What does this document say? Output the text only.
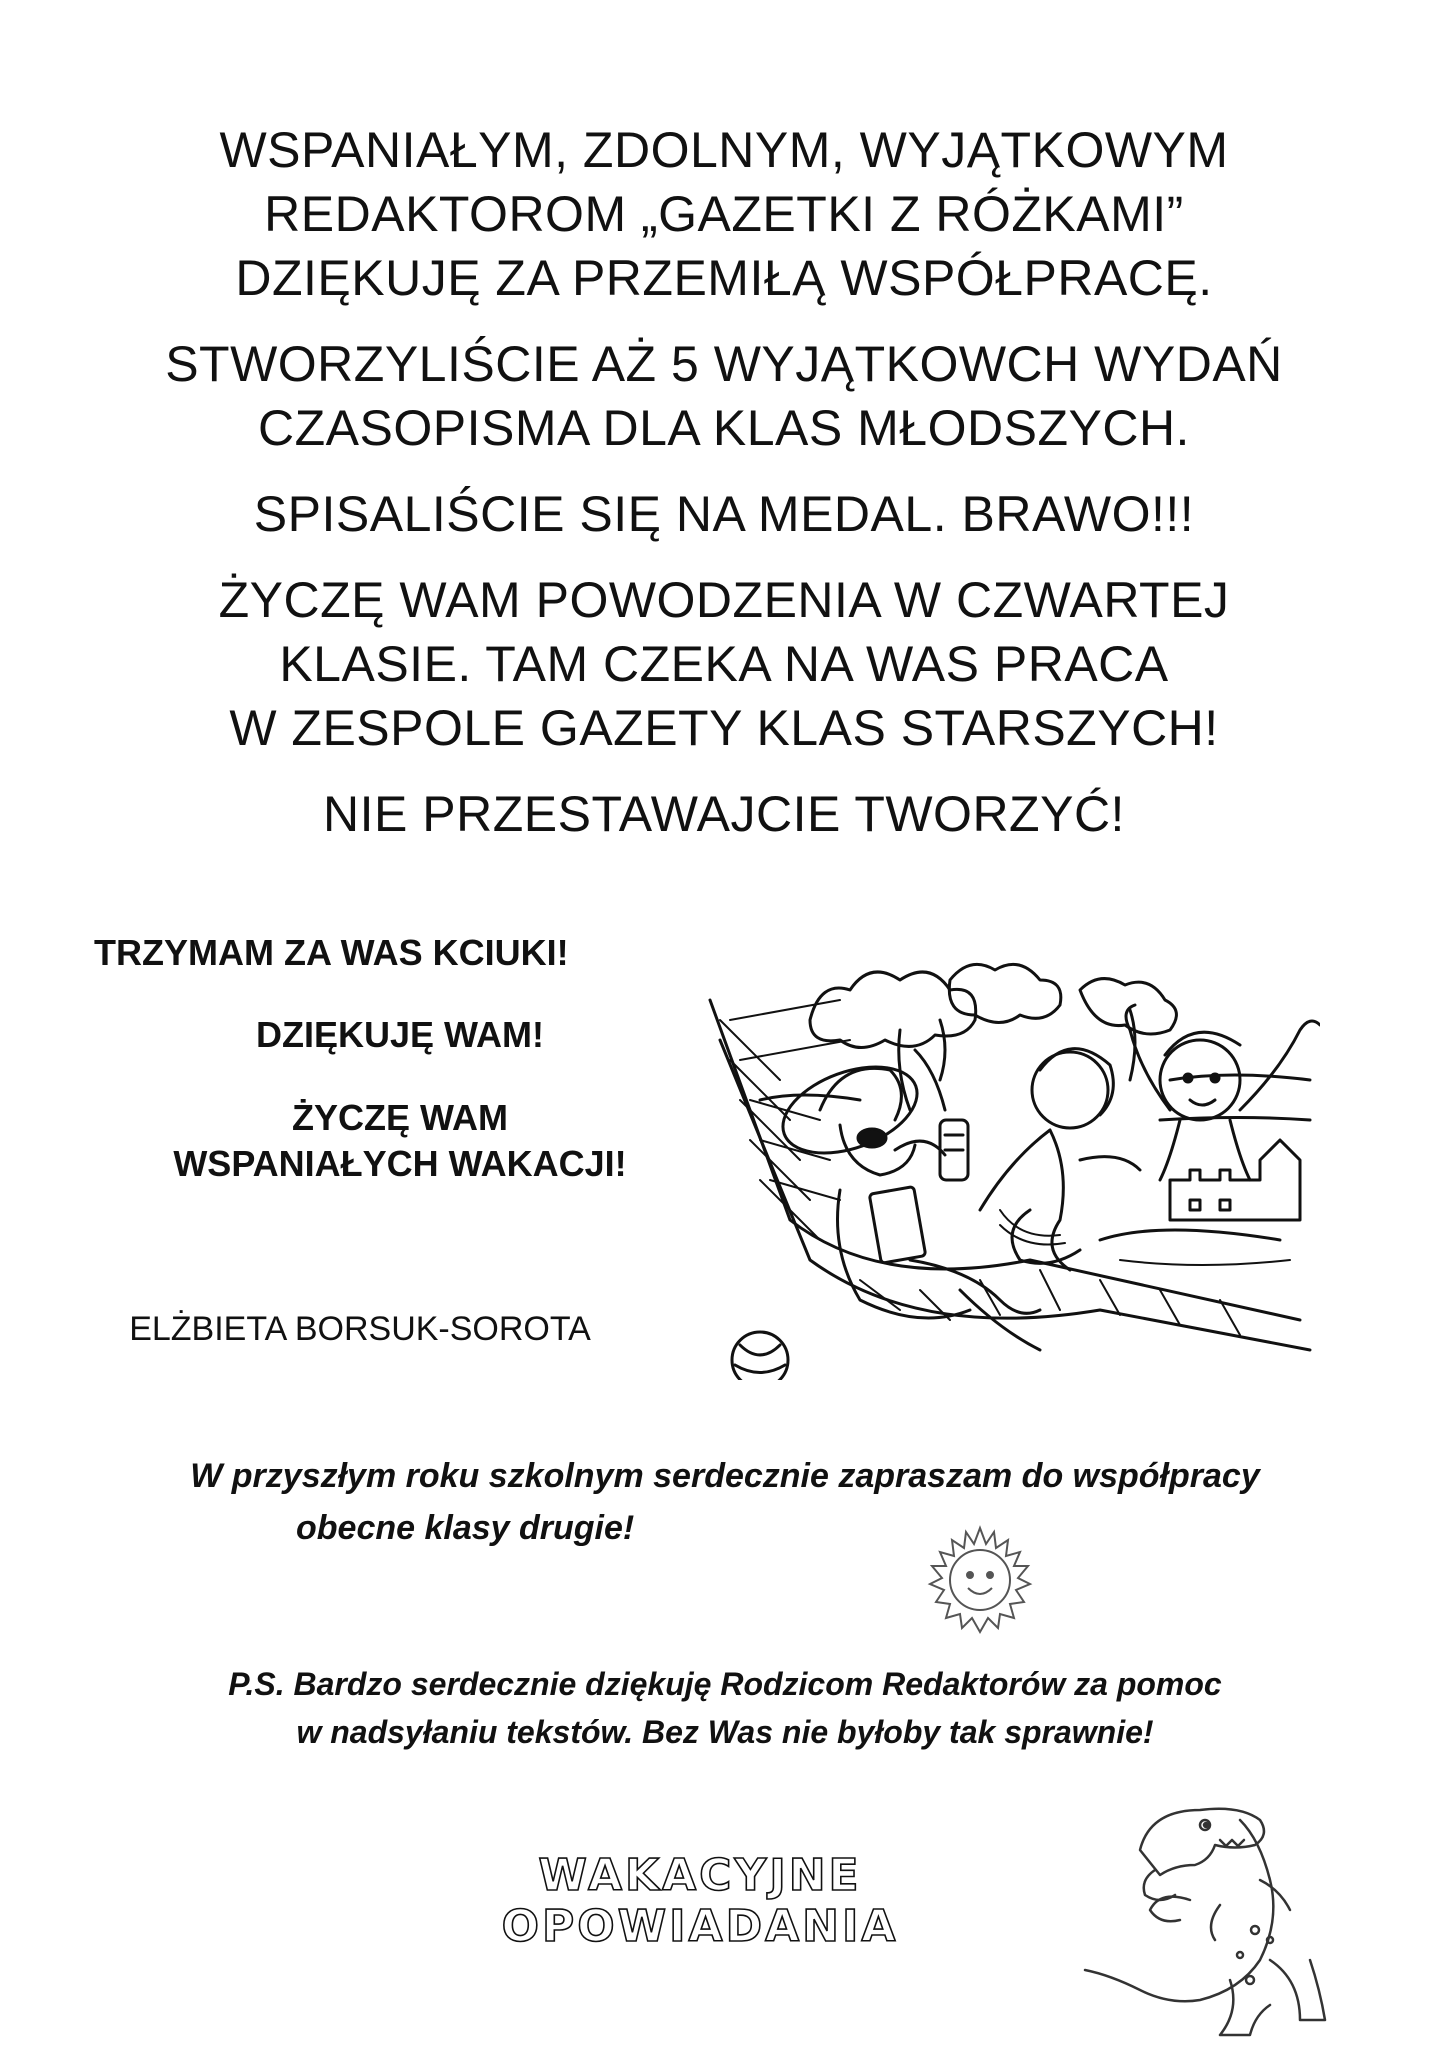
WSPANIAŁYM, ZDOLNYM, WYJĄTKOWYM
REDAKTOROM „GAZETKI Z RÓŻKAMI”
DZIĘKUJĘ ZA PRZEMIŁĄ WSPÓŁPRACĘ.

STWORZYLIŚCIE AŻ 5 WYJĄTKOWCH WYDAŃ
CZASOPISMA DLA KLAS MŁODSZYCH.

SPISALIŚCIE SIĘ NA MEDAL. BRAWO!!!

ŻYCZĘ WAM POWODZENIA W CZWARTEJ
KLASIE. TAM CZEKA NA WAS PRACA
W ZESPOLE GAZETY KLAS STARSZYCH!

NIE PRZESTAWAJCIE TWORZYĆ!

TRZYMAM ZA WAS KCIUKI!
DZIĘKUJĘ WAM!
ŻYCZĘ WAM
WSPANIAŁYCH WAKACJI!
ELŻBIETA BORSUK-SOROTA
W przyszłym roku szkolnym serdecznie zapraszam do współpracy
obecne klasy drugie!
P.S. Bardzo serdecznie dziękuję Rodzicom Redaktorów za pomoc
w nadsyłaniu tekstów. Bez Was nie byłoby tak sprawnie!
WAKACYJNE OPOWIADANIA
